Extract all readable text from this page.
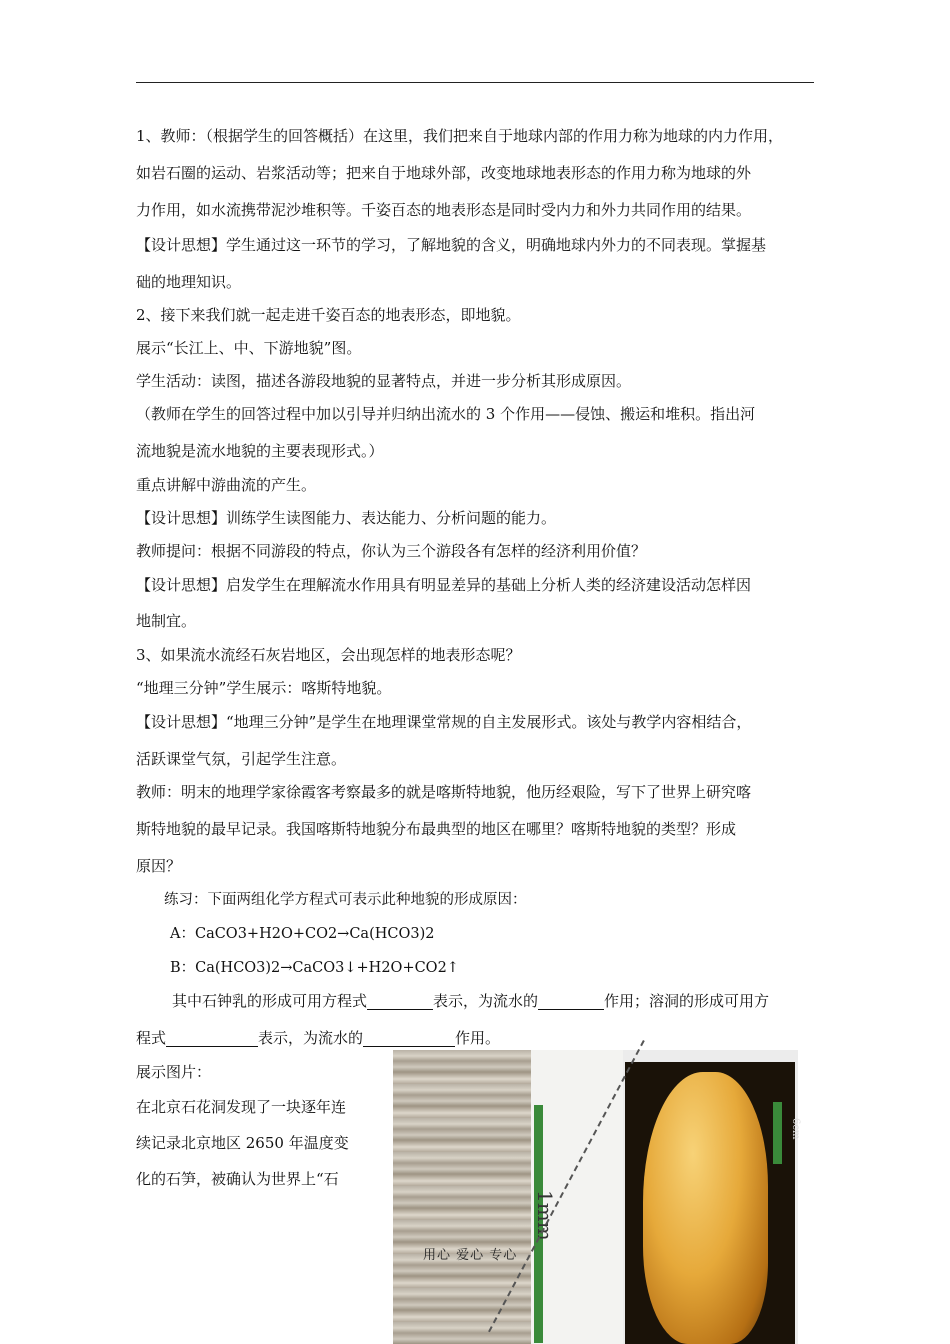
1、教师：（根据学生的回答概括）在这里，我们把来自于地球内部的作用力称为地球的内力作用，

如岩石圈的运动、岩浆活动等；把来自于地球外部，改变地球地表形态的作用力称为地球的外

力作用，如水流携带泥沙堆积等。千姿百态的地表形态是同时受内力和外力共同作用的结果。

【设计思想】学生通过这一环节的学习，了解地貌的含义，明确地球内外力的不同表现。掌握基

础的地理知识。

2、接下来我们就一起走进千姿百态的地表形态，即地貌。

展示“长江上、中、下游地貌”图。

学生活动：读图，描述各游段地貌的显著特点，并进一步分析其形成原因。

（教师在学生的回答过程中加以引导并归纳出流水的 3 个作用——侵蚀、搬运和堆积。指出河

流地貌是流水地貌的主要表现形式。）

重点讲解中游曲流的产生。

【设计思想】训练学生读图能力、表达能力、分析问题的能力。

教师提问：根据不同游段的特点，你认为三个游段各有怎样的经济利用价值？

【设计思想】启发学生在理解流水作用具有明显差异的基础上分析人类的经济建设活动怎样因

地制宜。

3、如果流水流经石灰岩地区，会出现怎样的地表形态呢？

“地理三分钟”学生展示：喀斯特地貌。

【设计思想】“地理三分钟”是学生在地理课堂常规的自主发展形式。该处与教学内容相结合，

活跃课堂气氛，引起学生注意。

教师：明末的地理学家徐霞客考察最多的就是喀斯特地貌，他历经艰险，写下了世界上研究喀

斯特地貌的最早记录。我国喀斯特地貌分布最典型的地区在哪里？喀斯特地貌的类型？形成

原因？

练习：下面两组化学方程式可表示此种地貌的形成原因：
A：CaCO3+H2O+CO2→Ca(HCO3)2
B：Ca(HCO3)2→CaCO3↓+H2O+CO2↑
其中石钟乳的形成可用方程式	表示，为流水的	作用；溶洞的形成可用方
程式	表示，为流水的	作用。

展示图片：

在北京石花洞发现了一块逐年连

续记录北京地区 2650 年温度变

化的石笋，被确认为世界上“石

1mm
6cm
用心 爱心 专心
